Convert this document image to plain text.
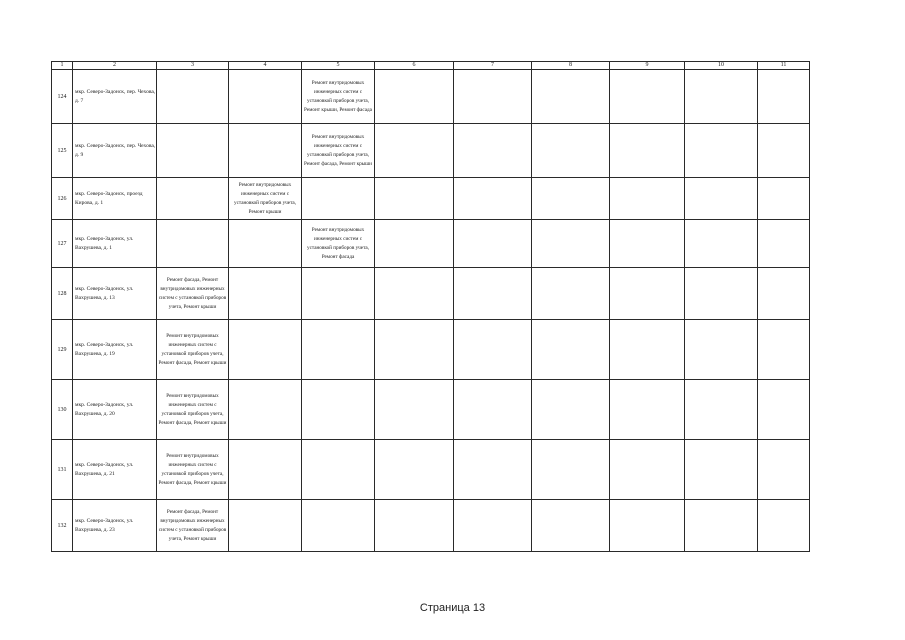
1	2	3	4	5	6	7	8	9	10	11
124	мкр. Северо-Задонск, пер. Чехова, д. 7			Ремонт внутридомовых инженерных систем с установкой приборов учета, Ремонт крыши, Ремонт фасада						
125	мкр. Северо-Задонск, пер. Чехова, д. 9			Ремонт внутридомовых инженерных систем с установкой приборов учета, Ремонт фасада, Ремонт крыши						
126	мкр. Северо-Задонск, проезд Кирова, д. 1		Ремонт внутридомовых инженерных систем с установкой приборов учета, Ремонт крыши							
127	мкр. Северо-Задонск, ул. Вахрушева, д. 1			Ремонт внутридомовых инженерных систем с установкой приборов учета, Ремонт фасада						
128	мкр. Северо-Задонск, ул. Вахрушева, д. 13	Ремонт фасада, Ремонт внутридомовых инженерных систем с установкой приборов учета, Ремонт крыши								
129	мкр. Северо-Задонск, ул. Вахрушева, д. 19	Ремонт внутридомовых инженерных систем с установкой приборов учета, Ремонт фасада, Ремонт крыши								
130	мкр. Северо-Задонск, ул. Вахрушева, д. 20	Ремонт внутридомовых инженерных систем с установкой приборов учета, Ремонт фасада, Ремонт крыши								
131	мкр. Северо-Задонск, ул. Вахрушева, д. 21	Ремонт внутридомовых инженерных систем с установкой приборов учета, Ремонт фасада, Ремонт крыши								
132	мкр. Северо-Задонск, ул. Вахрушева, д. 23	Ремонт фасада, Ремонт внутридомовых инженерных систем с установкой приборов учета, Ремонт крыши								
Страница 13
